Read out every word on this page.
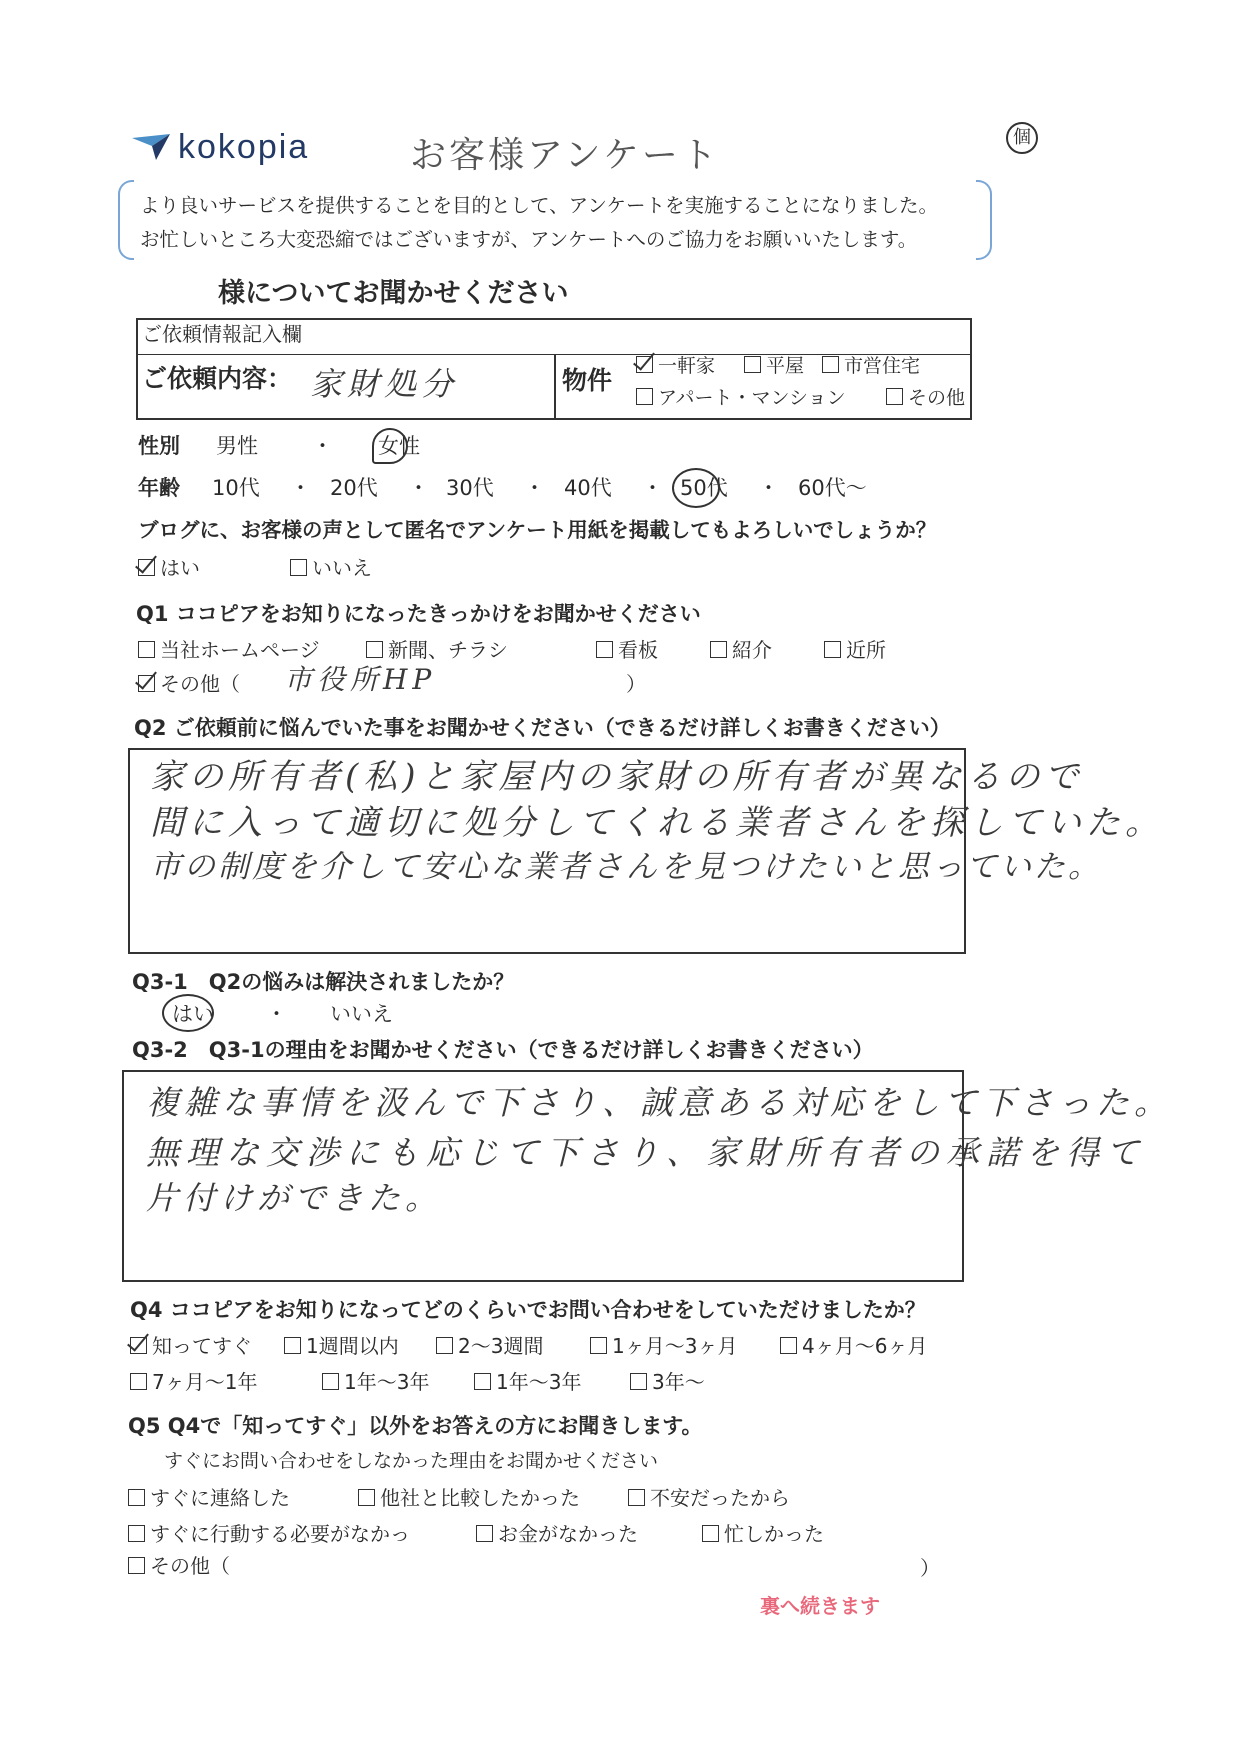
kokopia	お客様アンケート	個
より良いサービスを提供することを目的として、アンケートを実施することになりました。
お忙しいところ大変恐縮ではございますが、アンケートへのご協力をお願いいたします。
様についてお聞かせください
ご依頼情報記入欄
ご依頼内容： 家財処分	物件	一軒家	平屋	市営住宅
アパート・マンション	その他
性別 男性	・ 女性
年齢 10代 ・ 20代 ・ 30代 ・ 40代 ・ 50代 ・ 60代〜
ブログに、お客様の声として匿名でアンケート用紙を掲載してもよろしいでしょうか？
はい	いいえ
Q1 ココピアをお知りになったきっかけをお聞かせください
当社ホームページ	新聞、チラシ	看板	紹介	近所
その他（ 市役所HP	）
Q2 ご依頼前に悩んでいた事をお聞かせください（できるだけ詳しくお書きください）
家の所有者(私)と家屋内の家財の所有者が異なるので
間に入って適切に処分してくれる業者さんを探していた。
市の制度を介して安心な業者さんを見つけたいと思っていた。
Q3-1　Q2の悩みは解決されましたか？
はい ・ いいえ
Q3-2　Q3-1の理由をお聞かせください（できるだけ詳しくお書きください）
複雑な事情を汲んで下さり、誠意ある対応をして下さった。
無理な交渉にも応じて下さり、家財所有者の承諾を得て
片付けができた。
Q4 ココピアをお知りになってどのくらいでお問い合わせをしていただけましたか？
知ってすぐ	1週間以内	2〜3週間	1ヶ月〜3ヶ月	4ヶ月〜6ヶ月
7ヶ月〜1年	1年〜3年	1年〜3年	3年〜
Q5 Q4で「知ってすぐ」以外をお答えの方にお聞きします。
すぐにお問い合わせをしなかった理由をお聞かせください
すぐに連絡した	他社と比較したかった	不安だったから
すぐに行動する必要がなかっ	お金がなかった	忙しかった
その他（	）
裏へ続きます
